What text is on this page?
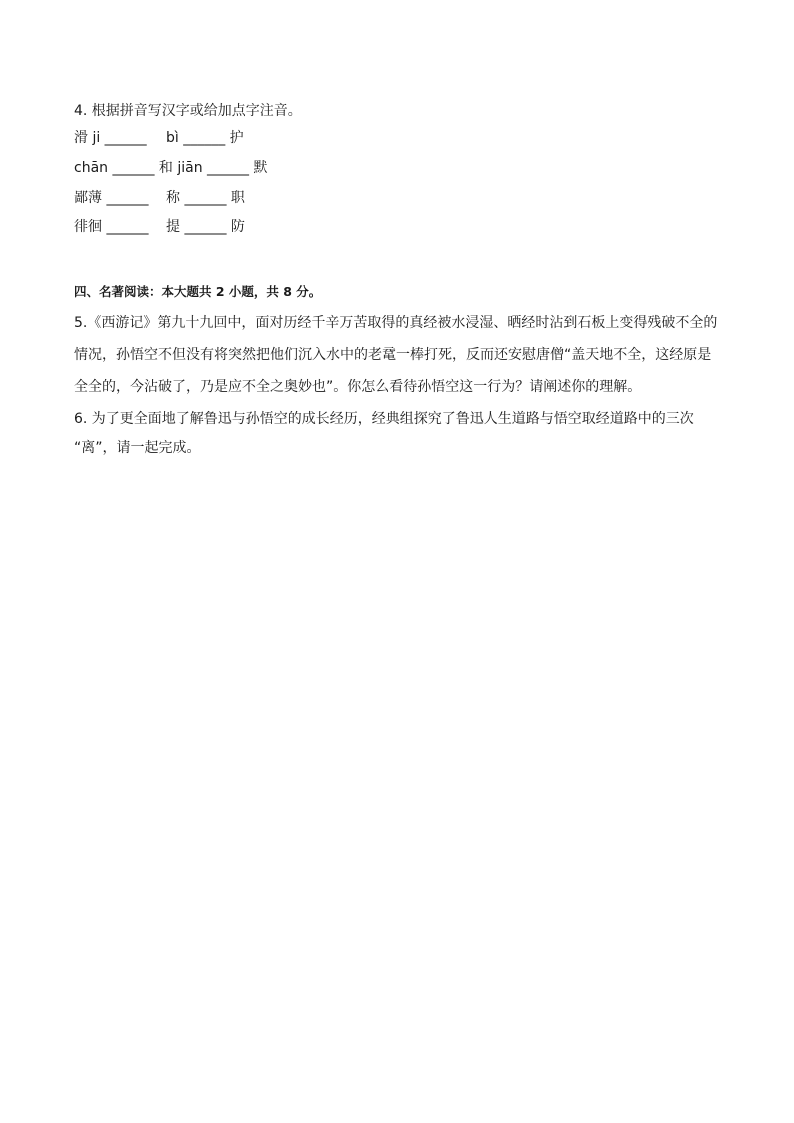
4. 根据拼音写汉字或给加点字注音。
滑 ji ______ bì ______ 护
chān ______ 和 jiān ______ 默
鄙薄 ______ 称 ______ 职
徘徊 ______ 提 ______ 防
四、名著阅读：本大题共 2 小题，共 8 分。
5.《西游记》第九十九回中，面对历经千辛万苦取得的真经被水浸湿、晒经时沾到石板上变得残破不全的
情况，孙悟空不但没有将突然把他们沉入水中的老鼋一棒打死，反而还安慰唐僧“盖天地不全，这经原是
全全的，今沾破了，乃是应不全之奥妙也”。你怎么看待孙悟空这一行为？请阐述你的理解。
6. 为了更全面地了解鲁迅与孙悟空的成长经历，经典组探究了鲁迅人生道路与悟空取经道路中的三次
“离”，请一起完成。
